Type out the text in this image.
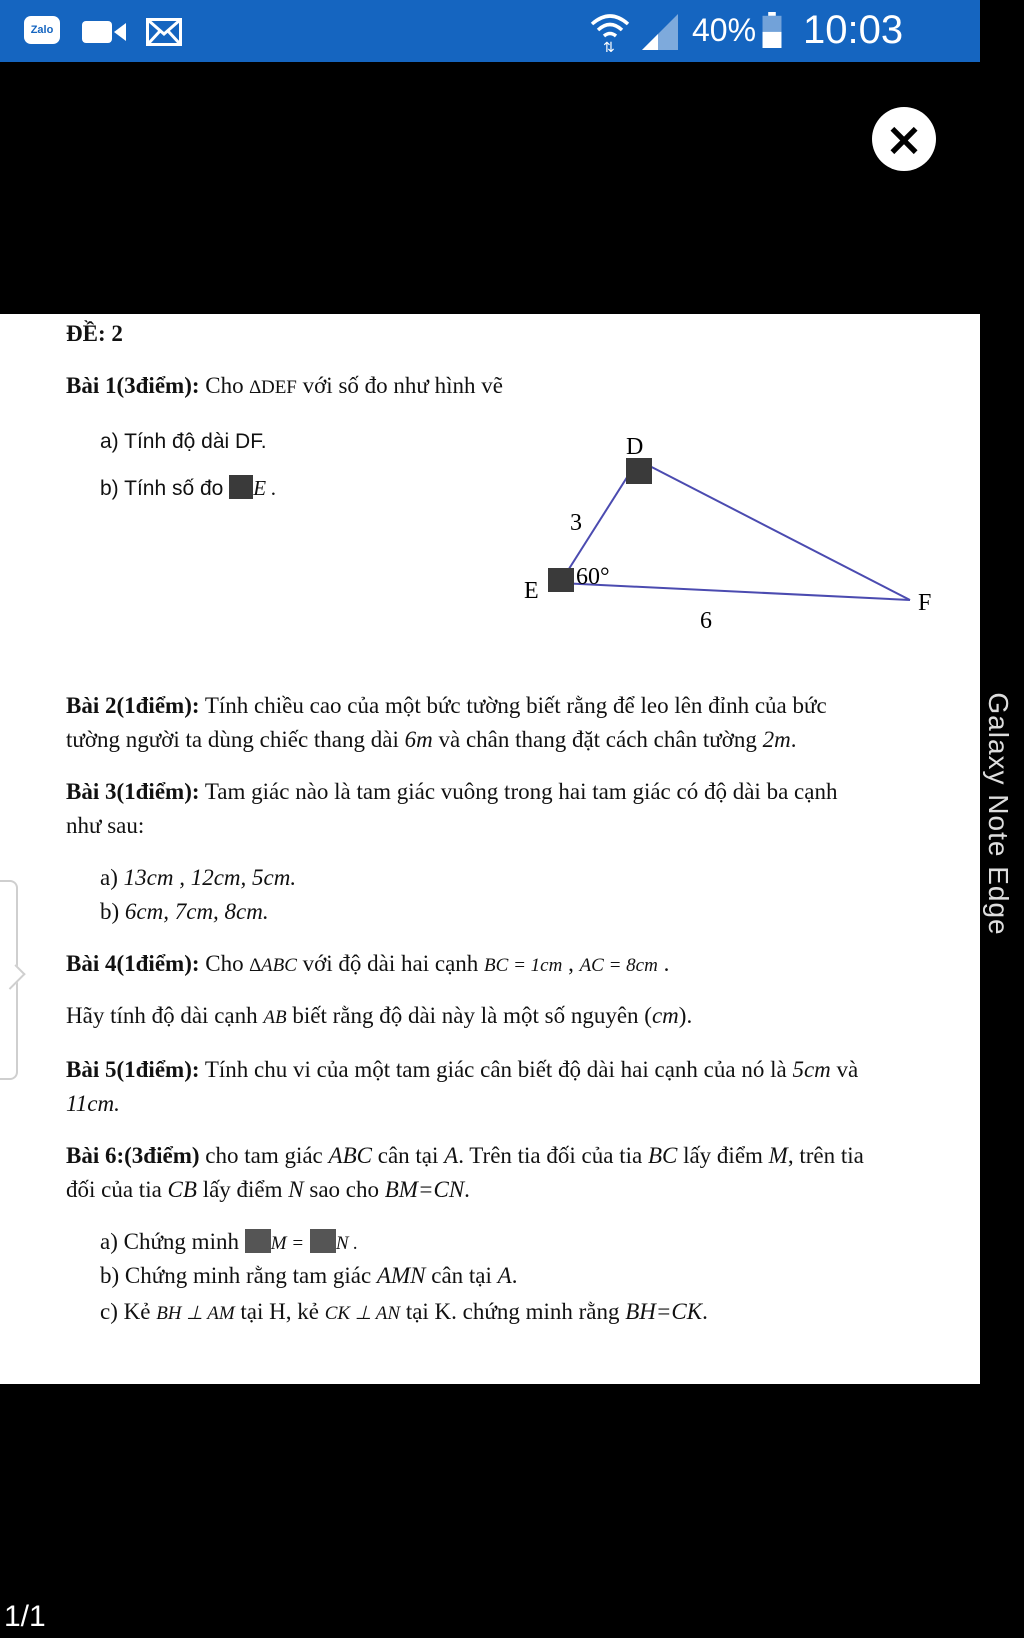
Zalo
⇅ 40% 10:03
×
ĐỀ: 2
Bài 1(3điểm): Cho ∆DEF với số đo như hình vẽ
a) Tính độ dài DF.
b) Tính số đo E .
D
E	F
3
60°
6
Bài 2(1điểm): Tính chiều cao của một bức tường biết rằng để leo lên đỉnh của bức
tường người ta dùng chiếc thang dài 6m và chân thang đặt cách chân tường 2m.
Bài 3(1điểm): Tam giác nào là tam giác vuông trong hai tam giác có độ dài ba cạnh
như sau:
a) 13cm , 12cm, 5cm.
b) 6cm, 7cm, 8cm.
Bài 4(1điểm): Cho ∆ABC với độ dài hai cạnh BC = 1cm , AC = 8cm .
Hãy tính độ dài cạnh AB biết rằng độ dài này là một số nguyên (cm).
Bài 5(1điểm): Tính chu vi của một tam giác cân biết độ dài hai cạnh của nó là 5cm và
11cm.
Bài 6:(3điểm) cho tam giác ABC cân tại A. Trên tia đối của tia BC lấy điểm M, trên tia
đối của tia CB lấy điểm N sao cho BM=CN.
a) Chứng minh M = N .
b) Chứng minh rằng tam giác AMN cân tại A.
c) Kẻ BH ⊥ AM tại H, kẻ CK ⊥ AN tại K. chứng minh rằng BH=CK.
Galaxy Note Edge
1/1
